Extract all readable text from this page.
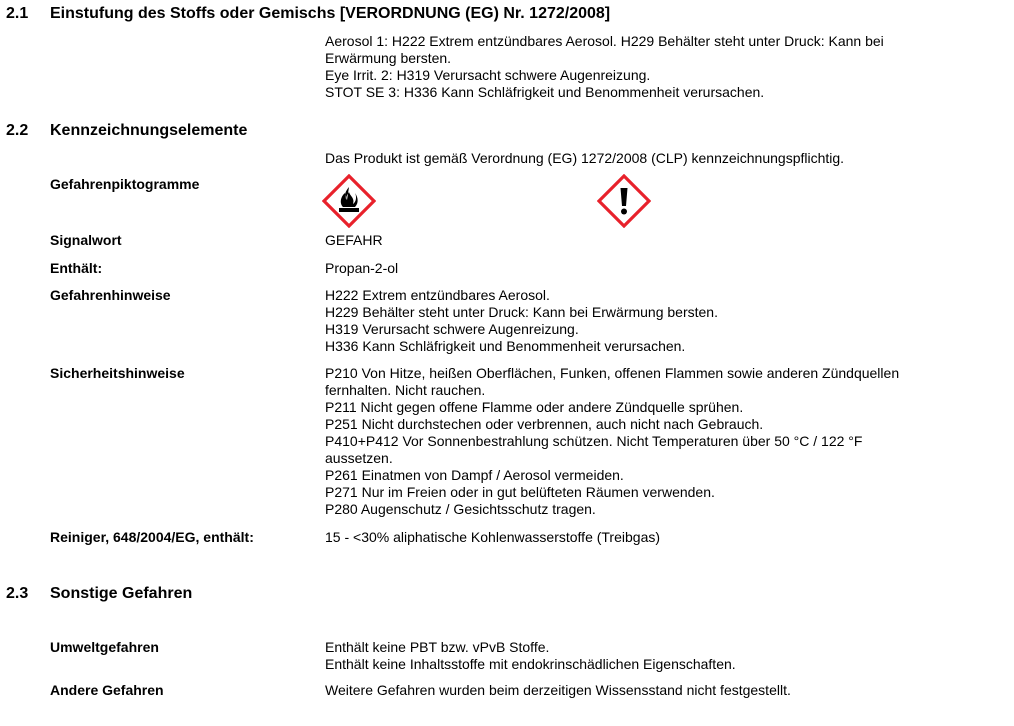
2.1 Einstufung des Stoffs oder Gemischs [VERORDNUNG (EG) Nr. 1272/2008]
Aerosol 1: H222 Extrem entzündbares Aerosol. H229 Behälter steht unter Druck: Kann bei
Erwärmung bersten.
Eye Irrit. 2: H319 Verursacht schwere Augenreizung.
STOT SE 3: H336 Kann Schläfrigkeit und Benommenheit verursachen.
2.2 Kennzeichnungselemente
Das Produkt ist gemäß Verordnung (EG) 1272/2008 (CLP) kennzeichnungspflichtig.
Gefahrenpiktogramme
Signalwort	GEFAHR
Enthält:	Propan-2-ol
Gefahrenhinweise	H222 Extrem entzündbares Aerosol.
H229 Behälter steht unter Druck: Kann bei Erwärmung bersten.
H319 Verursacht schwere Augenreizung.
H336 Kann Schläfrigkeit und Benommenheit verursachen.
Sicherheitshinweise	P210 Von Hitze, heißen Oberflächen, Funken, offenen Flammen sowie anderen Zündquellen
fernhalten. Nicht rauchen.
P211 Nicht gegen offene Flamme oder andere Zündquelle sprühen.
P251 Nicht durchstechen oder verbrennen, auch nicht nach Gebrauch.
P410+P412 Vor Sonnenbestrahlung schützen. Nicht Temperaturen über 50 °C / 122 °F
aussetzen.
P261 Einatmen von Dampf / Aerosol vermeiden.
P271 Nur im Freien oder in gut belüfteten Räumen verwenden.
P280 Augenschutz / Gesichtsschutz tragen.
Reiniger, 648/2004/EG, enthält:	15 - <30% aliphatische Kohlenwasserstoffe (Treibgas)
2.3 Sonstige Gefahren
Umweltgefahren	Enthält keine PBT bzw. vPvB Stoffe.
Enthält keine Inhaltsstoffe mit endokrinschädlichen Eigenschaften.
Andere Gefahren	Weitere Gefahren wurden beim derzeitigen Wissensstand nicht festgestellt.
